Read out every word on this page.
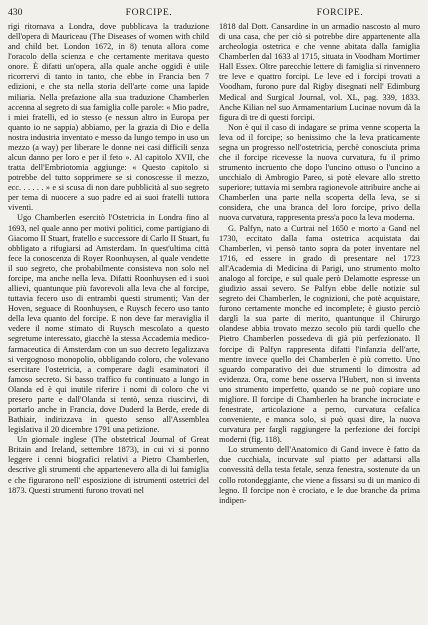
430	FORCIPE.	FORCIPE.

rigi ritornava a Londra, dove pubblicava la traduzione dell'opera di Mauriceau (The Diseases of women with child and child bet. London 1672, in 8) tenuta allora come l'oracolo della scienza e che certamente meritava questo onore. È difatti un'opera, alla quale anche oggidì è utile ricorrervi di tanto in tanto, che ebbe in Francia ben 7 edizioni, e che sta nella storia dell'arte come una lapide miliaria. Nella prefazione alla sua traduzione Chamberlen accenna al segreto di sua famiglia colle parole: « Mio padre, i miei fratelli, ed io stesso (e nessun altro in Europa per quanto io ne sappia) abbiamo, per la grazia di Dio e della nostra industria inventato e messo da lungo tempo in uso un mezzo (a way) per liberare le donne nei casi difficili senza alcun danno per loro e per il feto ». Al capitolo XVII, che tratta dell'Embriotomia aggiunge: « Questo capitolo si potrebbe del tutto sopprimere se si conoscesse il mezzo, ecc. . . . . . » e si scusa di non dare pubblicità al suo segreto per tema di nuocere a suo padre ed ai suoi fratelli tuttora viventi.

Ugo Chamberlen esercitò l'Ostetricia in Londra fino al 1693, nel quale anno per motivi politici, come partigiano di Giacomo II Stuart, fratello e successore di Carlo II Stuart, fu obbligato a rifugiarsi ad Amsterdam. In quest'ultima città fece la conoscenza di Royer Roonhuysen, al quale vendette il suo segreto, che probabilmente consisteva non solo nel forcipe, ma anche nella leva. Difatti Roonhuysen ed i suoi allievi, quantunque più favorevoli alla leva che al forcipe, tuttavia fecero uso di entrambi questi strumenti; Van der Hoven, seguace di Roonhuysen, e Ruysch fecero uso tanto della leva quanto del forcipe. E non deve far meraviglia il vedere il nome stimato di Ruysch mescolato a questo segretume interessato, giacchè la stessa Accademia medico-farmaceutica di Amsterdam con un suo decreto legalizzava si vergognoso monopolio, obbligando coloro, che volevano esercitare l'ostetricia, a comperare dagli esaminatori il famoso secreto. Si basso traffico fu continuato a lungo in Olanda ed è qui inutile riferire i nomi di coloro che vi presero parte e dall'Olanda si tentò, senza riuscirvi, di portarlo anche in Francia, dove Duderd la Berde, erede di Bathiair, indirizzava in questo senso all'Assemblea legislativa il 20 dicembre 1791 una petizione.

Un giornale inglese (The obstetrical Journal of Great Britain and Ireland, settembre 1873), in cui vi si ponno leggere i cenni biografici relativi a Pietro Chamberlen, descrive gli strumenti che appartenevero alla di lui famiglia e che figurarono nell' esposizione di istrumenti ostetrici del 1873. Questi strumenti furono trovati nel

1818 dal Dott. Cansardine in un armadio nascosto al muro di una casa, che per ciò si potrebbe dire appartenente alla archeologia ostetrica e che venne abitata dalla famiglia Chamberlen dal 1633 al 1715, situata in Voodham Mortimer Hall Essex. Oltre parecchie lettere di famiglia si rinvennero tre leve e quattro forcipi. Le leve ed i forcipi trovati a Voodham, furono pure dal Rigby disegnati nell' Edimburg Medical and Surgical Journal, vol. XL, pag. 339, 1833. Anche Kilian nel suo Armamentarium Lucinae novum dà la figura di tre di questi forcipi.

Non è qui il caso di indagare se prima venne scoperta la leva od il forcipe; so benissimo che la leva praticamente segna un progresso nell'ostetricia, perchè conosciuta prima che il forcipe ricevesse la nuova curvatura, fu il primo strumento incruento che dopo l'uncino ottuso o l'uncino a uncchialo di Ambrogio Pareo, si potè elevare allo stretto superiore; tuttavia mi sembra ragionevole attribuire anche ai Chamberlen una parte nella scoperta della leva, se si considera, che una branca del loro forcipe, privo della nuova curvatura, rappresenta press'a poco la leva moderna.

G. Palfyn, nato a Curtrai nel 1650 e morto a Gand nel 1730, eccitato dalla fama ostetrica acquistata dai Chamberlen, vi pensò tanto sopra da poter inventare nel 1716, ed essere in grado di presentare nel 1723 all'Academia di Medicina di Parigi, uno strumento molto analogo al forcipe, e sul quale però Delamotte espresse un giudizio assai severo. Se Palfyn ebbe delle notizie sul segreto dei Chamberlen, le cognizioni, che potè acquistare, furono certamente monche ed incomplete; è giusto perciò darglì la sua parte di merito, quantunque il Chirurgo olandese abbia trovato mezzo secolo più tardi quello che Pietro Chamberlen possedeva di già più perfezionato. Il forcipe di Palfyn rappresenta difatti l'infanzia dell'arte, mentre invece quello dei Chamberlen è più corretto. Uno sguardo comparativo dei due strumenti lo dimostra ad evidenza. Ora, come bene osserva l'Hubert, non si inventa uno strumento imperfetto, quando se ne può copiare uno migliore. Il forcipe di Chamberlen ha branche incrociate e fenestrate, articolazione a perno, curvatura cefalica conveniente, e manca solo, si può quasi dire, la nuova curvatura per fargli raggiungere la perfezione dei forcipi moderni (fig. 118).

Lo strumento dell'Anatomico di Gand invece è fatto da due cucchiala, incurvate sul piatto per adattarsi alla convessità della testa fetale, senza fenestra, sostenute da un collo rotondeggiante, che viene a fissarsi su di un manico di legno. Il forcipe non è crociato, e le due branche da prima indipen-
